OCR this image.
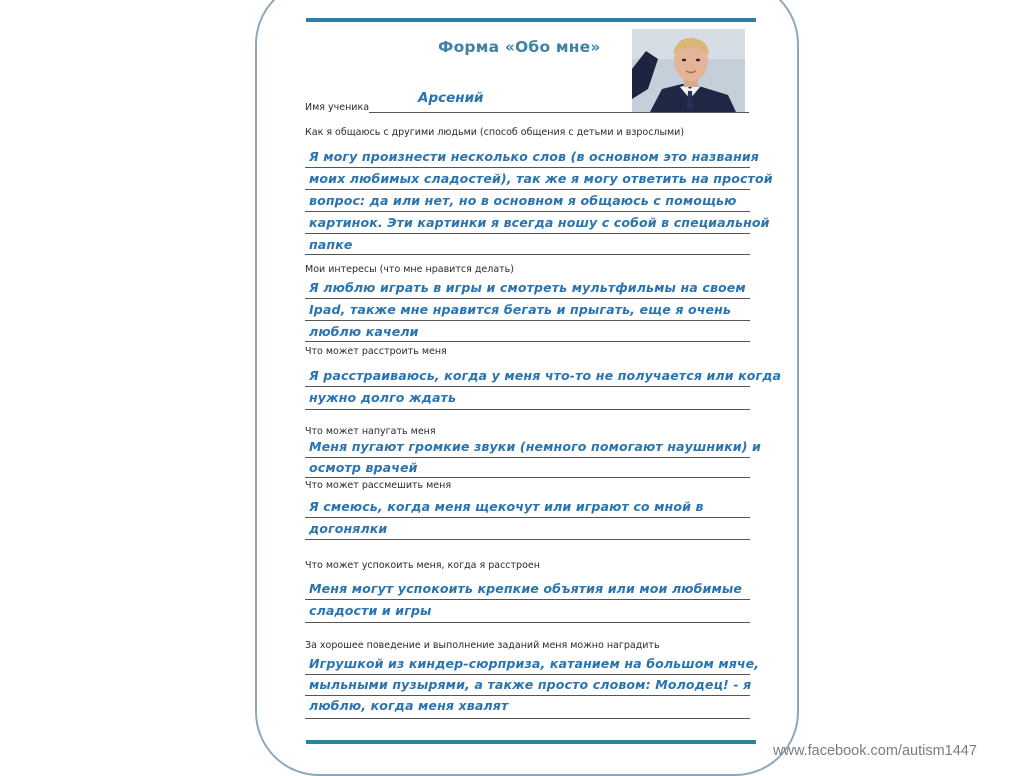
Форма «Обо мне»
Имя ученика
Арсений
Как я общаюсь с другими людьми (способ общения с детьми и взрослыми)
Я могу произнести несколько слов (в основном это названия
моих любимых сладостей), так же я могу ответить на простой
вопрос: да или нет, но в основном я общаюсь с помощью
картинок. Эти картинки я всегда ношу с собой в специальной
папке
Мои интересы (что мне нравится делать)
Я люблю играть в игры и смотреть мультфильмы на своем
Ipad, также мне нравится бегать и прыгать, еще я очень
люблю качели
Что может расстроить меня
Я расстраиваюсь, когда у меня что-то не получается или когда
нужно долго ждать
Что может напугать меня
Меня пугают громкие звуки (немного помогают наушники) и
осмотр врачей
Что может рассмешить меня
Я смеюсь, когда меня щекочут или играют со мной в
догонялки
Что может успокоить меня, когда я расстроен
Меня могут успокоить крепкие объятия или мои любимые
сладости и игры
За хорошее поведение и выполнение заданий меня можно наградить
Игрушкой из киндер-сюрприза, катанием на большом мяче,
мыльными пузырями, а также просто словом: Молодец! - я
люблю, когда меня хвалят
www.facebook.com/autism1447
